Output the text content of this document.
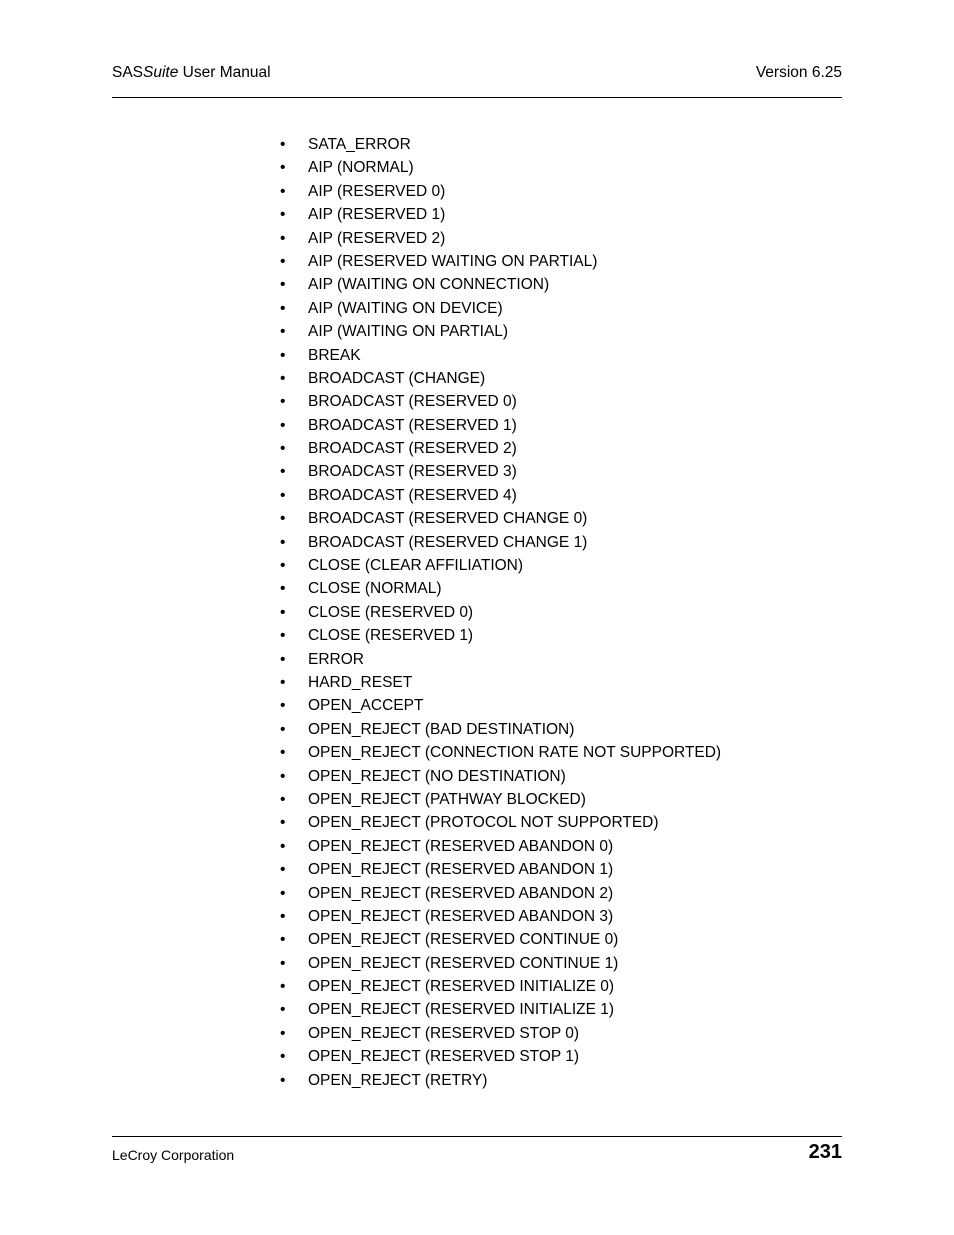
SASSuite User Manual	Version 6.25
•	SATA_ERROR
•	AIP (NORMAL)
•	AIP (RESERVED 0)
•	AIP (RESERVED 1)
•	AIP (RESERVED 2)
•	AIP (RESERVED WAITING ON PARTIAL)
•	AIP (WAITING ON CONNECTION)
•	AIP (WAITING ON DEVICE)
•	AIP (WAITING ON PARTIAL)
•	BREAK
•	BROADCAST (CHANGE)
•	BROADCAST (RESERVED 0)
•	BROADCAST (RESERVED 1)
•	BROADCAST (RESERVED 2)
•	BROADCAST (RESERVED 3)
•	BROADCAST (RESERVED 4)
•	BROADCAST (RESERVED CHANGE 0)
•	BROADCAST (RESERVED CHANGE 1)
•	CLOSE (CLEAR AFFILIATION)
•	CLOSE (NORMAL)
•	CLOSE (RESERVED 0)
•	CLOSE (RESERVED 1)
•	ERROR
•	HARD_RESET
•	OPEN_ACCEPT
•	OPEN_REJECT (BAD DESTINATION)
•	OPEN_REJECT (CONNECTION RATE NOT SUPPORTED)
•	OPEN_REJECT (NO DESTINATION)
•	OPEN_REJECT (PATHWAY BLOCKED)
•	OPEN_REJECT (PROTOCOL NOT SUPPORTED)
•	OPEN_REJECT (RESERVED ABANDON 0)
•	OPEN_REJECT (RESERVED ABANDON 1)
•	OPEN_REJECT (RESERVED ABANDON 2)
•	OPEN_REJECT (RESERVED ABANDON 3)
•	OPEN_REJECT (RESERVED CONTINUE 0)
•	OPEN_REJECT (RESERVED CONTINUE 1)
•	OPEN_REJECT (RESERVED INITIALIZE 0)
•	OPEN_REJECT (RESERVED INITIALIZE 1)
•	OPEN_REJECT (RESERVED STOP 0)
•	OPEN_REJECT (RESERVED STOP 1)
•	OPEN_REJECT (RETRY)
LeCroy Corporation	231
